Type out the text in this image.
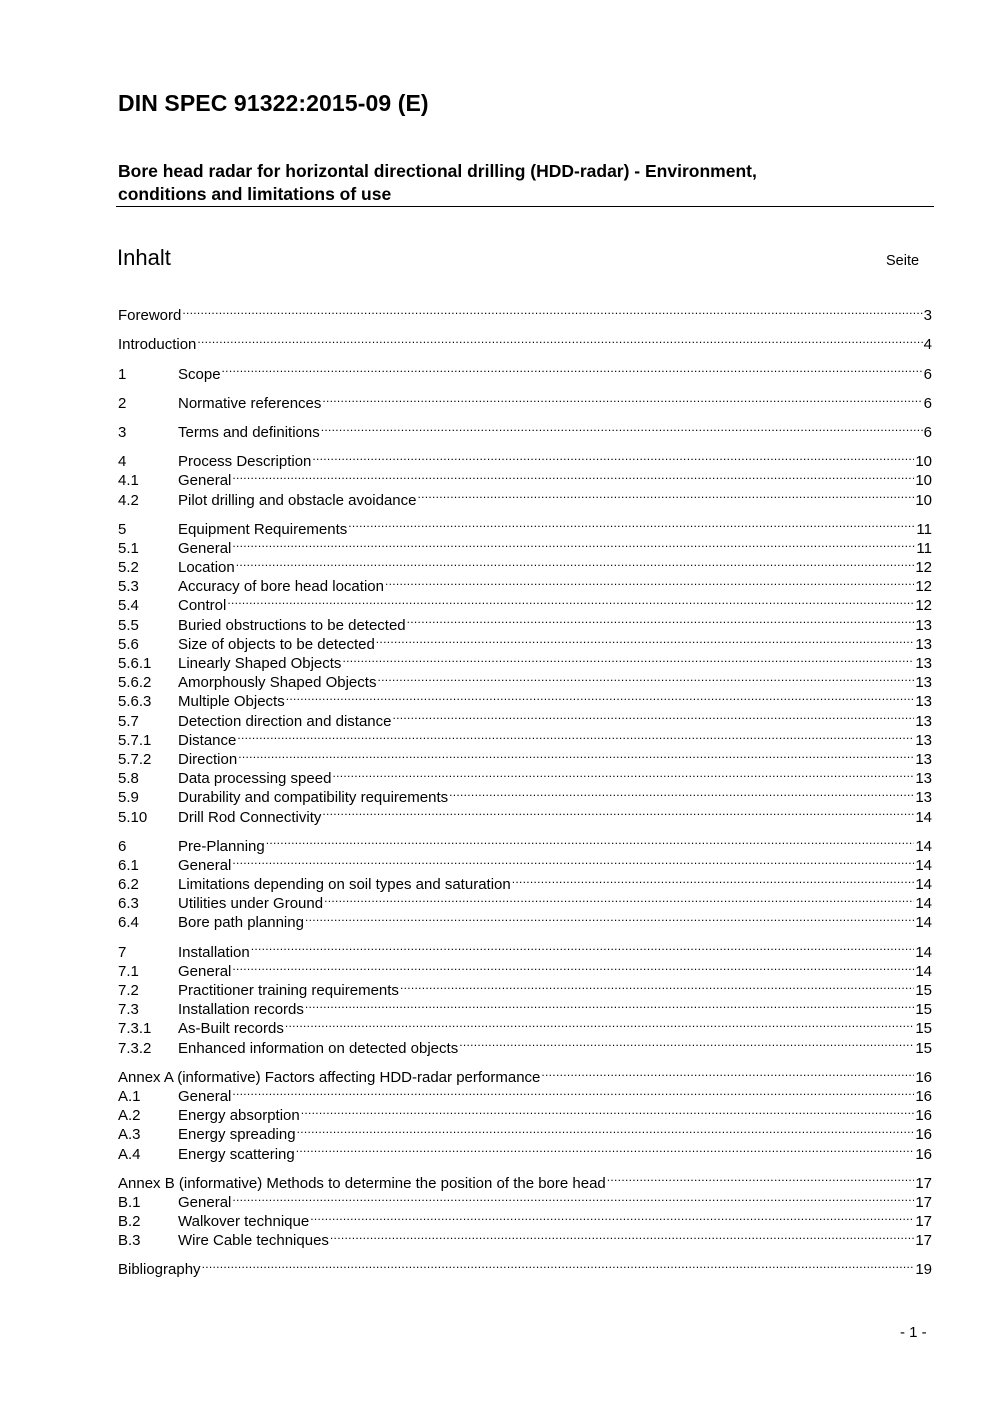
DIN SPEC 91322:2015-09 (E)
Bore head radar for horizontal directional drilling (HDD-radar) - Environment,
conditions and limitations of use
Inhalt	Seite
Foreword .....	3
Introduction .....	4
1	Scope .....	6
2	Normative references .....	6
3	Terms and definitions .....	6
4	Process Description .....	10
4.1	General .....	10
4.2	Pilot drilling and obstacle avoidance .....	10
5	Equipment Requirements .....	11
5.1	General .....	11
5.2	Location .....	12
5.3	Accuracy of bore head location .....	12
5.4	Control .....	12
5.5	Buried obstructions to be detected .....	13
5.6	Size of objects to be detected .....	13
5.6.1	Linearly Shaped Objects .....	13
5.6.2	Amorphously Shaped Objects .....	13
5.6.3	Multiple Objects .....	13
5.7	Detection direction and distance .....	13
5.7.1	Distance .....	13
5.7.2	Direction .....	13
5.8	Data processing speed .....	13
5.9	Durability and compatibility requirements .....	13
5.10	Drill Rod Connectivity .....	14
6	Pre-Planning .....	14
6.1	General .....	14
6.2	Limitations depending on soil types and saturation .....	14
6.3	Utilities under Ground .....	14
6.4	Bore path planning .....	14
7	Installation .....	14
7.1	General .....	14
7.2	Practitioner training requirements .....	15
7.3	Installation records .....	15
7.3.1	As-Built records .....	15
7.3.2	Enhanced information on detected objects .....	15
Annex A (informative) Factors affecting HDD-radar performance .....	16
A.1	General .....	16
A.2	Energy absorption .....	16
A.3	Energy spreading .....	16
A.4	Energy scattering .....	16
Annex B (informative) Methods to determine the position of the bore head .....	17
B.1	General .....	17
B.2	Walkover technique .....	17
B.3	Wire Cable techniques .....	17
Bibliography .....	19
- 1 -
